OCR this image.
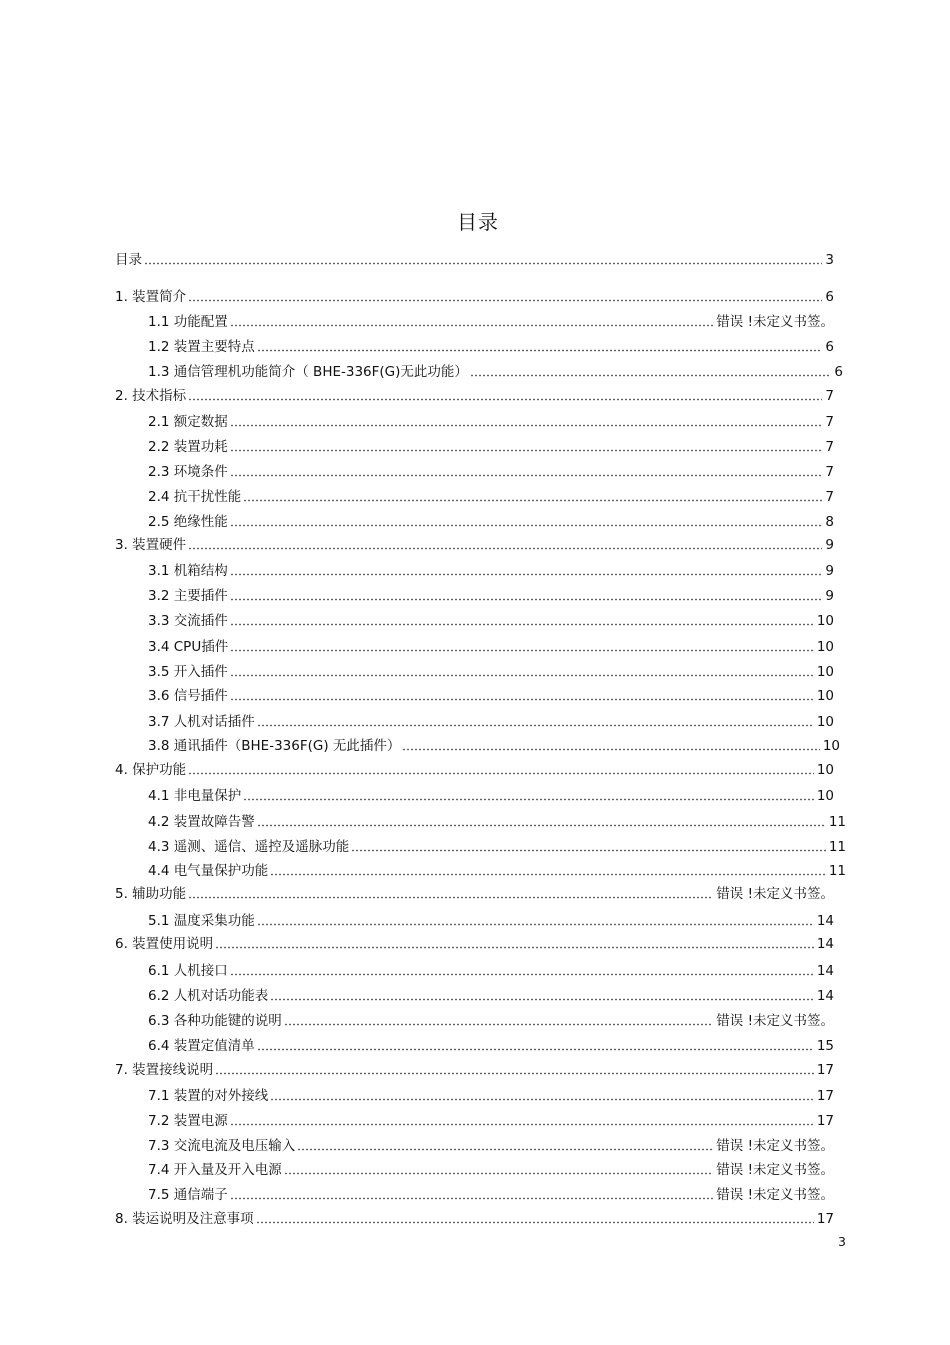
目录
目录	3
1. 装置简介	6
1.1 功能配置	错误 !未定义书签。
1.2 装置主要特点	6
1.3 通信管理机功能简介（ BHE-336F(G)无此功能）	6
2. 技术指标	7
2.1 额定数据	7
2.2 装置功耗	7
2.3 环境条件	7
2.4 抗干扰性能	7
2.5 绝缘性能	8
3. 装置硬件	9
3.1 机箱结构	9
3.2 主要插件	9
3.3 交流插件	10
3.4 CPU插件	10
3.5 开入插件	10
3.6 信号插件	10
3.7 人机对话插件	10
3.8 通讯插件（BHE-336F(G) 无此插件）	10
4. 保护功能	10
4.1 非电量保护	10
4.2 装置故障告警	11
4.3 遥测、遥信、遥控及遥脉功能	11
4.4 电气量保护功能	11
5. 辅助功能	错误 !未定义书签。
5.1 温度采集功能	14
6. 装置使用说明	14
6.1 人机接口	14
6.2 人机对话功能表	14
6.3 各种功能键的说明	错误 !未定义书签。
6.4 装置定值清单	15
7. 装置接线说明	17
7.1 装置的对外接线	17
7.2 装置电源	17
7.3 交流电流及电压输入	错误 !未定义书签。
7.4 开入量及开入电源	错误 !未定义书签。
7.5 通信端子	错误 !未定义书签。
8. 装运说明及注意事项	17
3
